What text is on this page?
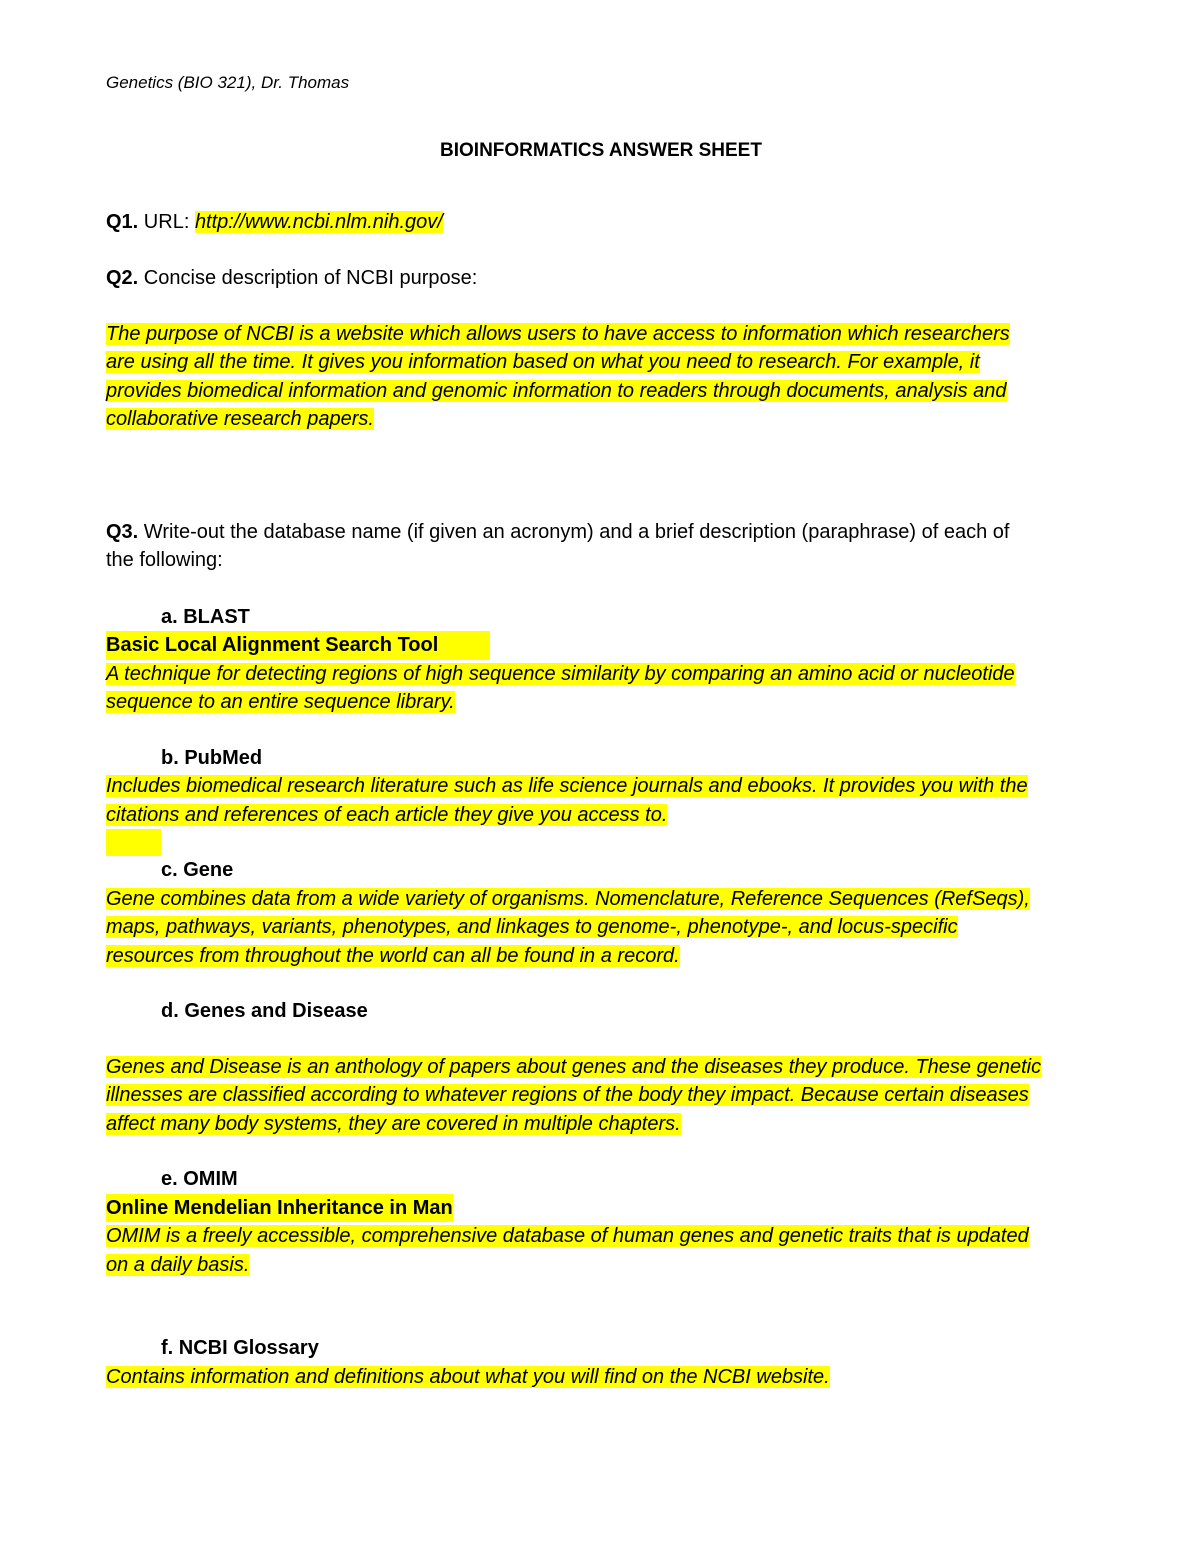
Genetics (BIO 321), Dr. Thomas
BIOINFORMATICS ANSWER SHEET
Q1. URL: http://www.ncbi.nlm.nih.gov/
Q2. Concise description of NCBI purpose:
The purpose of NCBI is a website which allows users to have access to information which researchers
are using all the time. It gives you information based on what you need to research. For example, it
provides biomedical information and genomic information to readers through documents, analysis and
collaborative research papers.
Q3. Write-out the database name (if given an acronym) and a brief description (paraphrase) of each of
the following:
a. BLAST
Basic Local Alignment Search Tool
A technique for detecting regions of high sequence similarity by comparing an amino acid or nucleotide
sequence to an entire sequence library.
b. PubMed
Includes biomedical research literature such as life science journals and ebooks. It provides you with the
citations and references of each article they give you access to.
c. Gene
Gene combines data from a wide variety of organisms. Nomenclature, Reference Sequences (RefSeqs),
maps, pathways, variants, phenotypes, and linkages to genome-, phenotype-, and locus-specific
resources from throughout the world can all be found in a record.
d. Genes and Disease
Genes and Disease is an anthology of papers about genes and the diseases they produce. These genetic
illnesses are classified according to whatever regions of the body they impact. Because certain diseases
affect many body systems, they are covered in multiple chapters.
e. OMIM
Online Mendelian Inheritance in Man
OMIM is a freely accessible, comprehensive database of human genes and genetic traits that is updated
on a daily basis.
f. NCBI Glossary
Contains information and definitions about what you will find on the NCBI website.
